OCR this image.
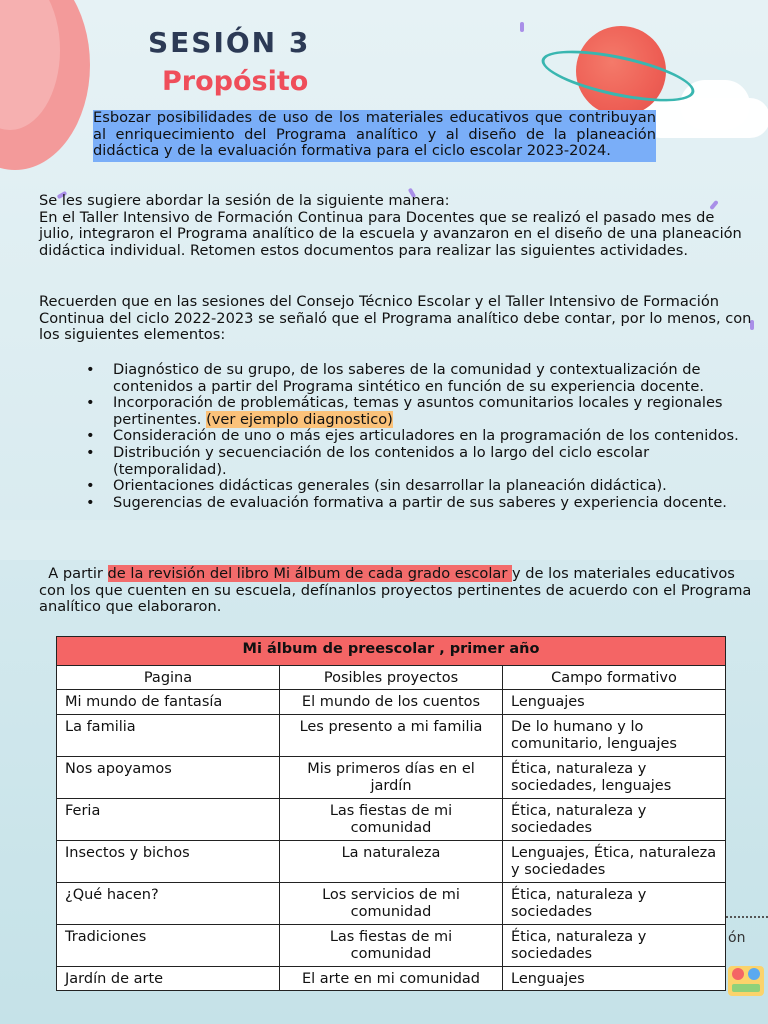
SESIÓN 3
Propósito
Esbozar posibilidades de uso de los materiales educativos que contribuyan al enriquecimiento del Programa analítico y al diseño de la planeación didáctica y de la evaluación formativa para el ciclo escolar 2023-2024.
Se les sugiere abordar la sesión de la siguiente manera:
En el Taller Intensivo de Formación Continua para Docentes que se realizó el pasado mes de julio, integraron el Programa analítico de la escuela y avanzaron en el diseño de una planeación didáctica individual. Retomen estos documentos para realizar las siguientes actividades.
Recuerden que en las sesiones del Consejo Técnico Escolar y el Taller Intensivo de Formación Continua del ciclo 2022-2023 se señaló que el Programa analítico debe contar, por lo menos, con los siguientes elementos:
• Diagnóstico de su grupo, de los saberes de la comunidad y contextualización de contenidos a partir del Programa sintético en función de su experiencia docente.
• Incorporación de problemáticas, temas y asuntos comunitarios locales y regionales pertinentes. (ver ejemplo diagnostico)
• Consideración de uno o más ejes articuladores en la programación de los contenidos.
• Distribución y secuenciación de los contenidos a lo largo del ciclo escolar (temporalidad).
• Orientaciones didácticas generales (sin desarrollar la planeación didáctica).
• Sugerencias de evaluación formativa a partir de sus saberes y experiencia docente.
A partir de la revisión del libro Mi álbum de cada grado escolar y de los materiales educativos con los que cuenten en su escuela, defínanlos proyectos pertinentes de acuerdo con el Programa analítico que elaboraron.
Mi álbum de preescolar , primer año		
Pagina	Posibles proyectos	Campo formativo
Mi mundo de fantasía	El mundo de los cuentos	Lenguajes
La familia	Les presento a mi familia	De lo humano y lo comunitario, lenguajes
Nos apoyamos	Mis primeros días en el jardín	Ética, naturaleza y sociedades, lenguajes
Feria	Las fiestas de mi comunidad	Ética, naturaleza y sociedades
Insectos y bichos	La naturaleza	Lenguajes, Ética, naturaleza y sociedades
¿Qué hacen?	Los servicios de mi comunidad	Ética, naturaleza y sociedades
Tradiciones	Las fiestas de mi comunidad	Ética, naturaleza y sociedades
Jardín de arte	El arte en mi comunidad	Lenguajes
ón
